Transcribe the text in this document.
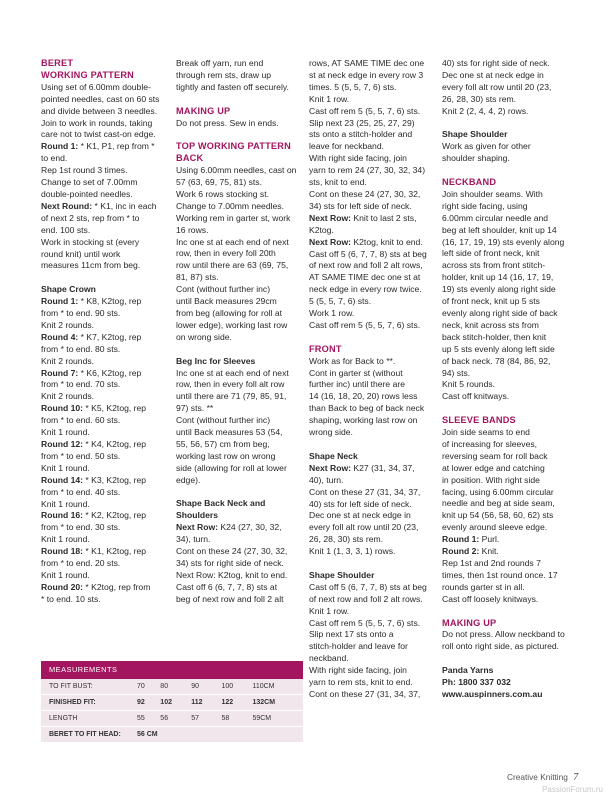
BERET

WORKING PATTERN

Using set of 6.00mm double-

pointed needles, cast on 60 sts

and divide between 3 needles.

Join to work in rounds, taking

care not to twist cast-on edge.

Round 1: * K1, P1, rep from *

to end.

Rep 1st round 3 times.

Change to set of 7.00mm

double-pointed needles.

Next Round: * K1, inc in each

of next 2 sts, rep from * to

end. 100 sts.

Work in stocking st (every

round knit) until work

measures 11cm from beg.

Shape Crown

Round 1: * K8, K2tog, rep

from * to end. 90 sts.

Knit 2 rounds.

Round 4: * K7, K2tog, rep

from * to end. 80 sts.

Knit 2 rounds.

Round 7: * K6, K2tog, rep

from * to end. 70 sts.

Knit 2 rounds.

Round 10: * K5, K2tog, rep

from * to end. 60 sts.

Knit 1 round.

Round 12: * K4, K2tog, rep

from * to end. 50 sts.

Knit 1 round.

Round 14: * K3, K2tog, rep

from * to end. 40 sts.

Knit 1 round.

Round 16: * K2, K2tog, rep

from * to end. 30 sts.

Knit 1 round.

Round 18: * K1, K2tog, rep

from * to end. 20 sts.

Knit 1 round.

Round 20: * K2tog, rep from

* to end. 10 sts.

Break off yarn, run end

through rem sts, draw up

tightly and fasten off securely.

MAKING UP

Do not press. Sew in ends.

TOP WORKING PATTERN

BACK

Using 6.00mm needles, cast on

57 (63, 69, 75, 81) sts.

Work 6 rows stocking st.

Change to 7.00mm needles.

Working rem in garter st, work

16 rows.

Inc one st at each end of next

row, then in every foll 20th

row until there are 63 (69, 75,

81, 87) sts.

Cont (without further inc)

until Back measures 29cm

from beg (allowing for roll at

lower edge), working last row

on wrong side.

Beg Inc for Sleeves

Inc one st at each end of next

row, then in every foll alt row

until there are 71 (79, 85, 91,

97) sts. **

Cont (without further inc)

until Back measures 53 (54,

55, 56, 57) cm from beg,

working last row on wrong

side (allowing for roll at lower

edge).

Shape Back Neck and

Shoulders

Next Row: K24 (27, 30, 32,

34), turn.

Cont on these 24 (27, 30, 32,

34) sts for right side of neck.

Next Row: K2tog, knit to end.

Cast off 6 (6, 7, 7, 8) sts at

beg of next row and foll 2 alt

rows, AT SAME TIME dec one

st at neck edge in every row 3

times. 5 (5, 5, 7, 6) sts.

Knit 1 row.

Cast off rem 5 (5, 5, 7, 6) sts.

Slip next 23 (25, 25, 27, 29)

sts onto a stitch-holder and

leave for neckband.

With right side facing, join

yarn to rem 24 (27, 30, 32, 34)

sts, knit to end.

Cont on these 24 (27, 30, 32,

34) sts for left side of neck.

Next Row: Knit to last 2 sts,

K2tog.

Next Row: K2tog, knit to end.

Cast off 5 (6, 7, 7, 8) sts at beg

of next row and foll 2 alt rows,

AT SAME TIME dec one st at

neck edge in every row twice.

5 (5, 5, 7, 6) sts.

Work 1 row.

Cast off rem 5 (5, 5, 7, 6) sts.

FRONT

Work as for Back to **.

Cont in garter st (without

further inc) until there are

14 (16, 18, 20, 20) rows less

than Back to beg of back neck

shaping, working last row on

wrong side.

Shape Neck

Next Row: K27 (31, 34, 37,

40), turn.

Cont on these 27 (31, 34, 37,

40) sts for left side of neck.

Dec one st at neck edge in

every foll alt row until 20 (23,

26, 28, 30) sts rem.

Knit 1 (1, 3, 3, 1) rows.

Shape Shoulder

Cast off 5 (6, 7, 7, 8) sts at beg

of next row and foll 2 alt rows.

Knit 1 row.

Cast off rem 5 (5, 5, 7, 6) sts.

Slip next 17 sts onto a

stitch-holder and leave for

neckband.

With right side facing, join

yarn to rem sts, knit to end.

Cont on these 27 (31, 34, 37,

40) sts for right side of neck.

Dec one st at neck edge in

every foll alt row until 20 (23,

26, 28, 30) sts rem.

Knit 2 (2, 4, 4, 2) rows.

Shape Shoulder

Work as given for other

shoulder shaping.

NECKBAND

Join shoulder seams. With

right side facing, using

6.00mm circular needle and

beg at left shoulder, knit up 14

(16, 17, 19, 19) sts evenly along

left side of front neck, knit

across sts from front stitch-

holder, knit up 14 (16, 17, 19,

19) sts evenly along right side

of front neck, knit up 5 sts

evenly along right side of back

neck, knit across sts from

back stitch-holder, then knit

up 5 sts evenly along left side

of back neck. 78 (84, 86, 92,

94) sts.

Knit 5 rounds.

Cast off knitways.

SLEEVE BANDS

Join side seams to end

of increasing for sleeves,

reversing seam for roll back

at lower edge and catching

in position. With right side

facing, using 6.00mm circular

needle and beg at side seam,

knit up 54 (56, 58, 60, 62) sts

evenly around sleeve edge.

Round 1: Purl.

Round 2: Knit.

Rep 1st and 2nd rounds 7

times, then 1st round once. 17

rounds garter st in all.

Cast off loosely knitways.

MAKING UP

Do not press. Allow neckband to

roll onto right side, as pictured.

Panda Yarns

Ph: 1800 337 032

www.auspinners.com.au

MEASUREMENTS
TO FIT BUST:	70	80	90	100	110CM
FINISHED FIT:	92	102	112	122	132CM
LENGTH	55	56	57	58	59CM
BERET TO FIT HEAD:	56 CM				
Creative Knitting 7
PassionForum.ru
